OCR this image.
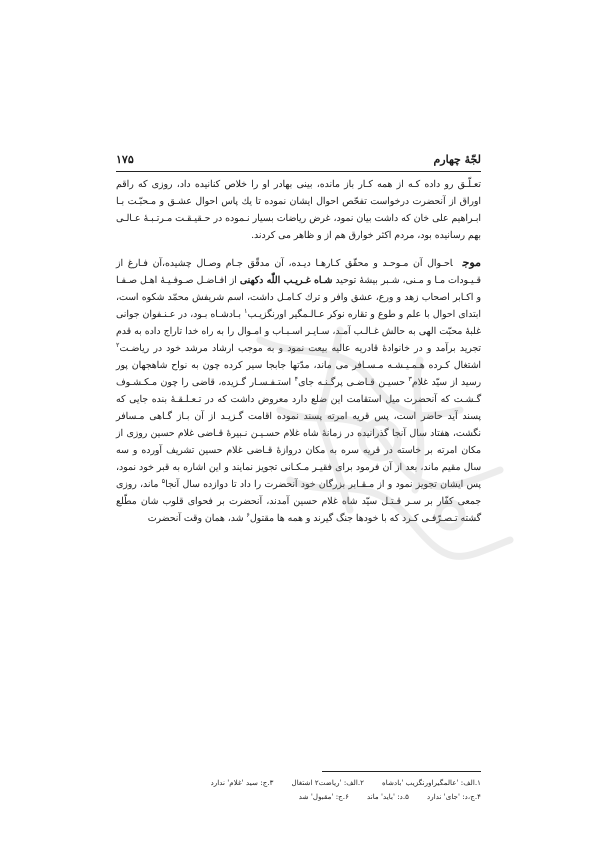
لجّهٔ چهارم
۱۷۵

تعـلّـق رو داده کـه از همه کـار باز مانده، بینی بهادر او را خلاص کنانیده داد، روزی که راقم اوراق از آنحضرت درخواست تفحّص احوال ایشان نموده تا یك پاس احوال عشـق و مـحبّـت بـا ابـراهیم علی خان که داشت بیان نمود، غرض ریاضات بسیار نـموده در حـقیـقـت مـرتـبـهٔ عـالـی بهم رسانیده بود، مردم اکثر خوارق هم از و ظاهر می کردند.

موجاحـوال آن مـوحـد و محقّق کـارهـا دیـده، آن مدقّق جـام وصـال چشیده،آن فـارغ از قـیـودات مـا و مـنی، شـبر بیشهٔ توحید شـاه غـریـب اللّٰه دکهنی از افـاضـل صـوفـیـهٔ اهـل صـفـا و اکـابر اصحاب زهد و ورع، عشق وافر و ترك کـامـل داشت، اسم شریفش محمّد شکوه است، ابتدای احوال با علم و طوع و تقاره نوکر عـالـمگیر اورنگزیـب$^۱$ بـادشـاه بـود، در عـنـفوان جوانی غلبهٔ محبّت الهی به حالش غـالـب آمـد، سـایـر اسـبـاب و امـوال را به راه خدا تاراج داده به قدم تجرید برآمد و در خانوادهٔ قادریه عالیه بیعت نمود و به موجب ارشاد مرشد خود در ریاضـت$^۲$ اشتغال کـرده هـمـیـشـه مـسـافر می ماند، مدّتها جابجا سیر کرده چون به نواح شاهجهان پور رسید از سیّد غلام$^۳$ حسیـن قـاضـی پرگـنـه جای$^۴$ استـفـسـار گـزیده، قاضی را چون مـکـشـوف گـشـت که آنحضرت میل استقامت این ضلع دارد معروض داشت که در تـعـلـقـهٔ بنده جایی که پسند آید حاضر است، پس قریه امرته پسند نموده اقامت گـزیـد از آن بـاز گـاهی مـسافر نگشت، هفتاد سال آنجا گذرانیده در زمانهٔ شاه غلام حسـیـن نـبیرهٔ قـاضی غلام حسین روزی از مکان امرته بر خاسته در قریه سره به مکان دروازهٔ قـاضی غلام حسین تشریف آورده و سه سال مقیم ماند، بعد از آن فرمود برای فقیـر مـکـانی تجویز نمایند و این اشاره به قبر خود نمود، پس ایشان تجویز نمود و از مـقـابر بزرگان خود آنحضرت را داد تا دوازده سال آنجا$^۵$ ماند، روزی جمعی کفّار بر سـر قـتـل سیّد شاه غلام حسین آمدند، آنحضرت بر فحوای قلوب شان مطّلع گشته تـصـرّفـی کـرد که با خودها جنگ گیرند و همه ها مقتول$^۶$ شد، همان وقت آنحضرت

۱.الف: 'عالمگیراورنگزیب 'بادشاه
۲.الف: 'ریاضت۲ اشتغال
۳.ج: سید 'غلام' ندارد
۴.ج،د: 'جای' ندارد
۵.د: 'باید' ماند
۶.ج: 'مقبول' شد
